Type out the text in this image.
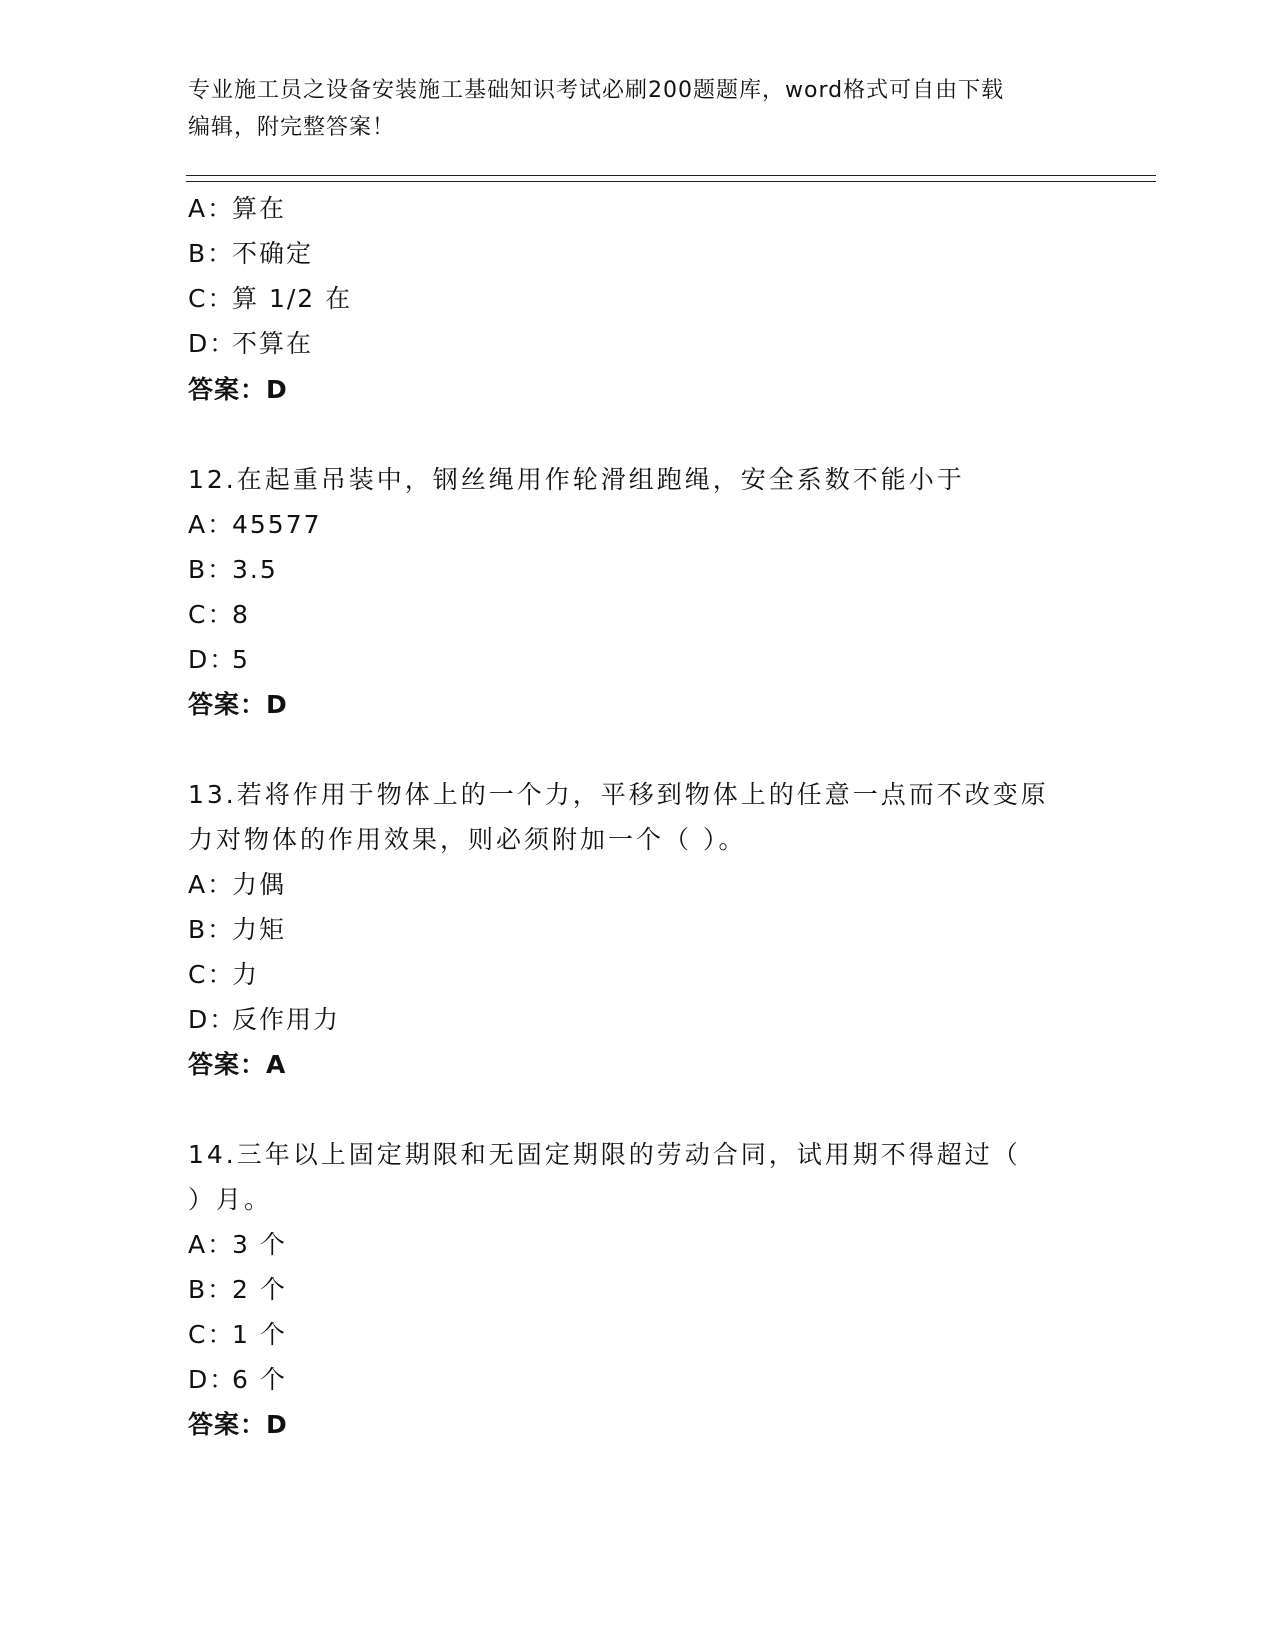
专业施工员之设备安装施工基础知识考试必刷200题题库，word格式可自由下载
编辑，附完整答案！
A：算在
B：不确定
C：算 1/2 在
D：不算在
答案：D
12.在起重吊装中，钢丝绳用作轮滑组跑绳，安全系数不能小于
A：45577
B：3.5
C：8
D：5
答案：D
13.若将作用于物体上的一个力，平移到物体上的任意一点而不改变原
力对物体的作用效果，则必须附加一个（ ）。
A：力偶
B：力矩
C：力
D：反作用力
答案：A
14.三年以上固定期限和无固定期限的劳动合同，试用期不得超过（
）月。
A：3 个
B：2 个
C：1 个
D：6 个
答案：D
